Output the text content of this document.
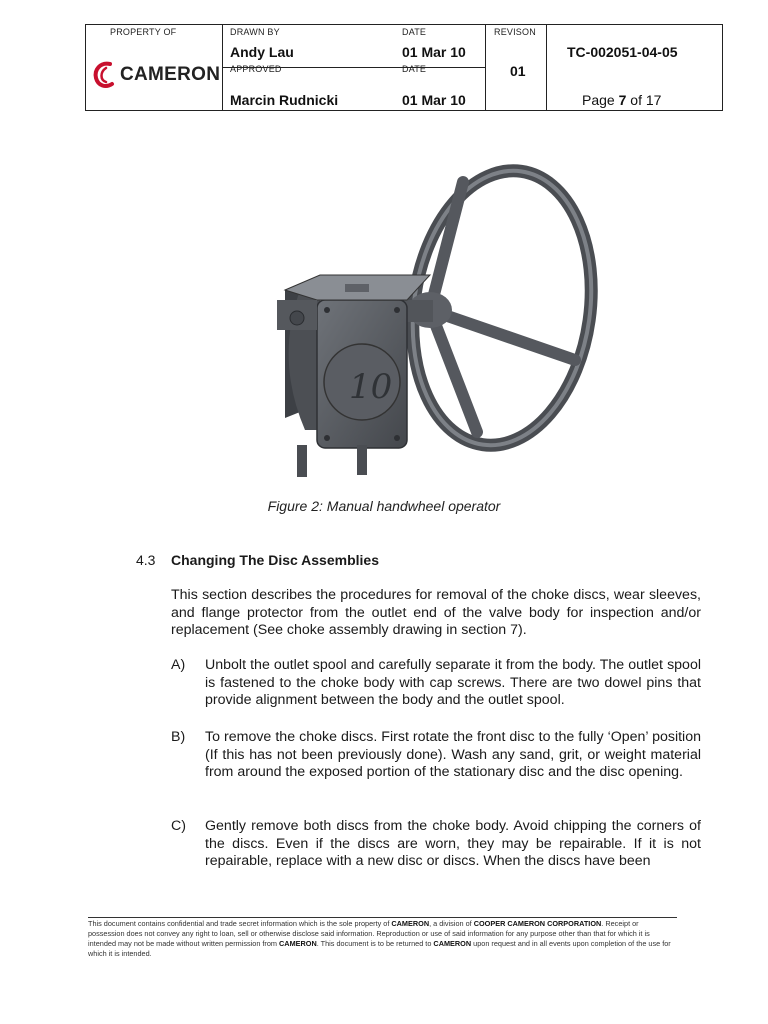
PROPERTY OF
CAMERON
DRAWN BY
Andy Lau
APPROVED
Marcin Rudnicki
DATE
01 Mar 10
DATE
01 Mar 10
REVISON
01
TC-002051-04-05
Page 7 of 17
10
Figure 2: Manual handwheel operator
4.3 Changing The Disc Assemblies
This section describes the procedures for removal of the choke discs, wear sleeves, and flange protector from the outlet end of the valve body for inspection and/or replacement (See choke assembly drawing in section 7).
A) Unbolt the outlet spool and carefully separate it from the body. The outlet spool is fastened to the choke body with cap screws. There are two dowel pins that provide alignment between the body and the outlet spool.
B) To remove the choke discs. First rotate the front disc to the fully ‘Open’ position (If this has not been previously done). Wash any sand, grit, or weight material from around the exposed portion of the stationary disc and the disc opening.
C) Gently remove both discs from the choke body. Avoid chipping the corners of the discs. Even if the discs are worn, they may be repairable. If it is not repairable, replace with a new disc or discs. When the discs have been
This document contains confidential and trade secret information which is the sole property of CAMERON, a division of COOPER CAMERON CORPORATION. Receipt or possession does not convey any right to loan, sell or otherwise disclose said information. Reproduction or use of said information for any purpose other than that for which it is intended may not be made without written permission from CAMERON. This document is to be returned to CAMERON upon request and in all events upon completion of the use for which it is intended.
